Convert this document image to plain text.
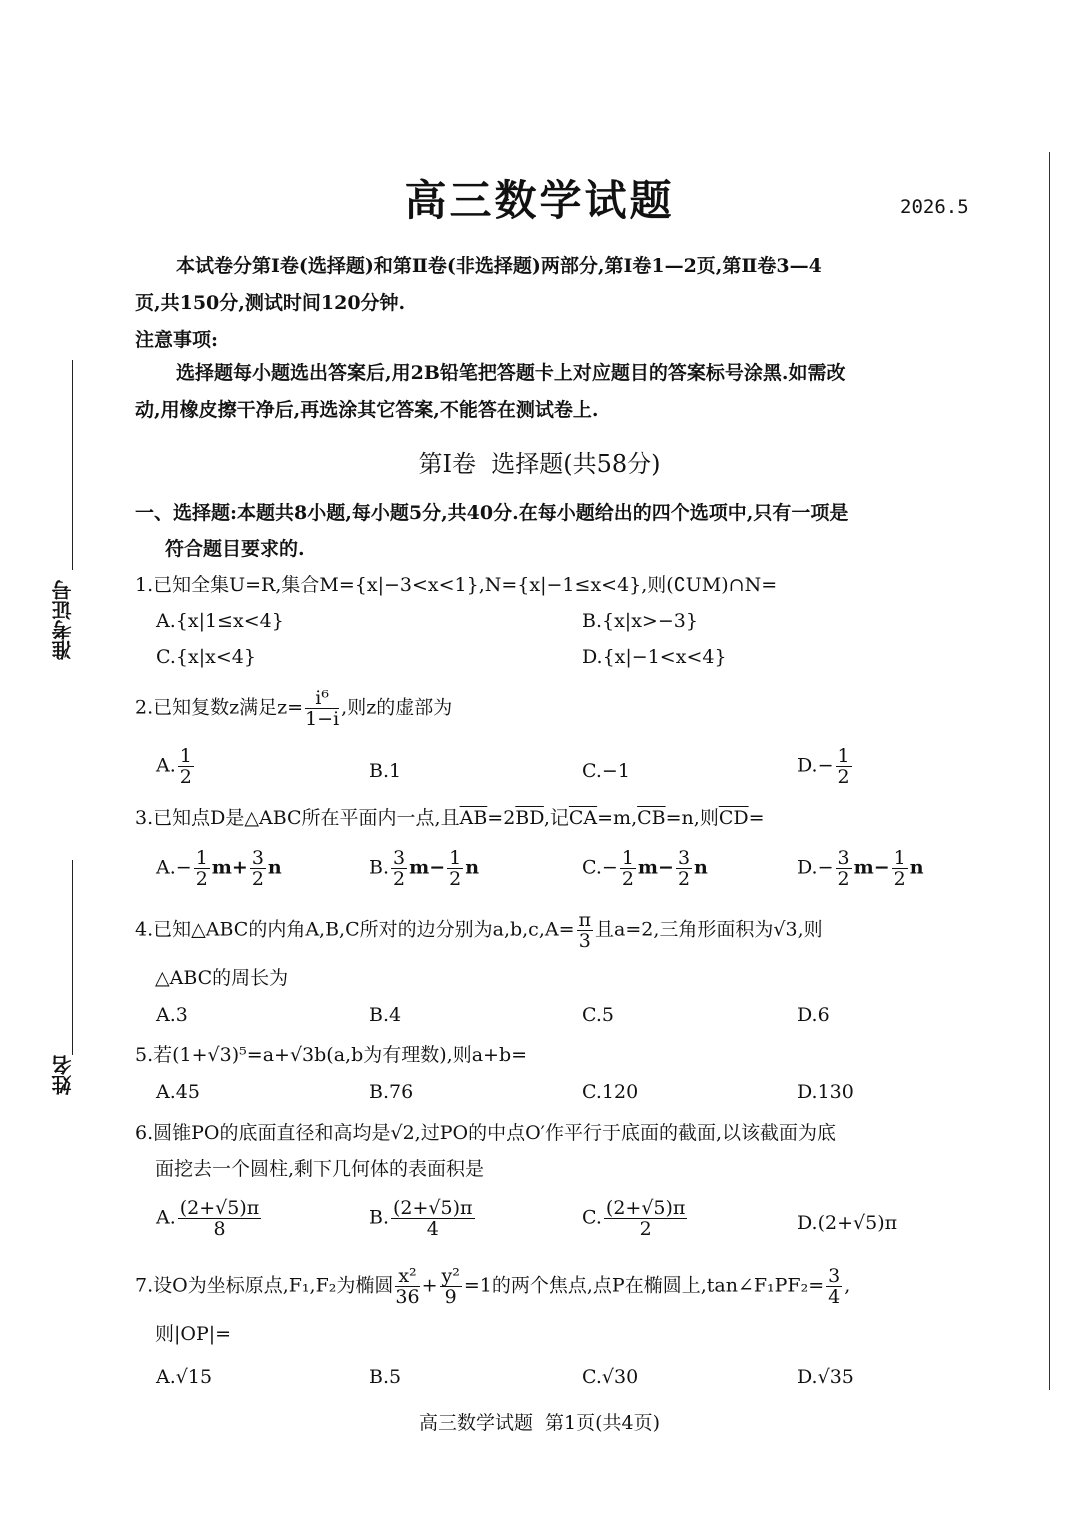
高三数学试题	2026.5
准考证号
姓名
本试卷分第Ⅰ卷(选择题)和第Ⅱ卷(非选择题)两部分,第Ⅰ卷1—2页,第Ⅱ卷3—4
页,共150分,测试时间120分钟.
注意事项:
选择题每小题选出答案后,用2B铅笔把答题卡上对应题目的答案标号涂黑.如需改
动,用橡皮擦干净后,再选涂其它答案,不能答在测试卷上.
第Ⅰ卷  选择题(共58分)
一、选择题:本题共8小题,每小题5分,共40分.在每小题给出的四个选项中,只有一项是
符合题目要求的.
1.已知全集U=R,集合M={x|−3<x<1},N={x|−1≤x<4},则(∁UM)∩N=
A.{x|1≤x<4}	B.{x|x>−3}
C.{x|x<4}	D.{x|−1<x<4}
2.已知复数z满足$z= \frac{\text{i⁶}}{1-i}$ ,则z的虚部为
A. $\frac{1}{2}$	B.1	C.−1	$D.- \frac{1}{2}$
3.已知点D是△ABC所在平面内一点,且$\overline{AB}=2\overline{BD}$,记$\overline{CA}=m,\overline{CB}=n$,则$\overline{CD}=$
$A.- \frac{1}{2} m+ \frac{3}{2}$ n	B. $\frac{3}{2} m- \frac{1}{2}$ n	$C.- \frac{1}{2} m- \frac{3}{2}$ n	$D.- \frac{3}{2} m- \frac{1}{2}$ n
4.已知△ABC的内角A,B,C所对的边分别为$a,b,c,A= \frac{\pi}{3}$ 且a=2,三角形面积为√3,则
△ABC的周长为
A.3	B.4	C.5	D.6
5.若(1+√3)⁵=a+√3b(a,b为有理数),则a+b=
A.45	B.76	C.120	D.130
6.圆锥PO的底面直径和高均是√2,过PO的中点O′作平行于底面的截面,以该截面为底
面挖去一个圆柱,剩下几何体的表面积是
A. $\frac{(2+√5)\pi}{8}$	B. $\frac{(2+√5)\pi}{4}$	C. $\frac{(2+√5)\pi}{2}$	D.(2+√5)π
7.设O为坐标原点,F₁,F₂为椭圆 $\frac{\text{x²}}{36} + \frac{\text{y²}}{9} =1$的两个焦点,点P在椭圆上,tan∠F₁PF₂= $\frac{3}{4}$ ,
则|OP|=
A.√15	B.5	C.√30	D.√35
高三数学试题  第1页(共4页)
